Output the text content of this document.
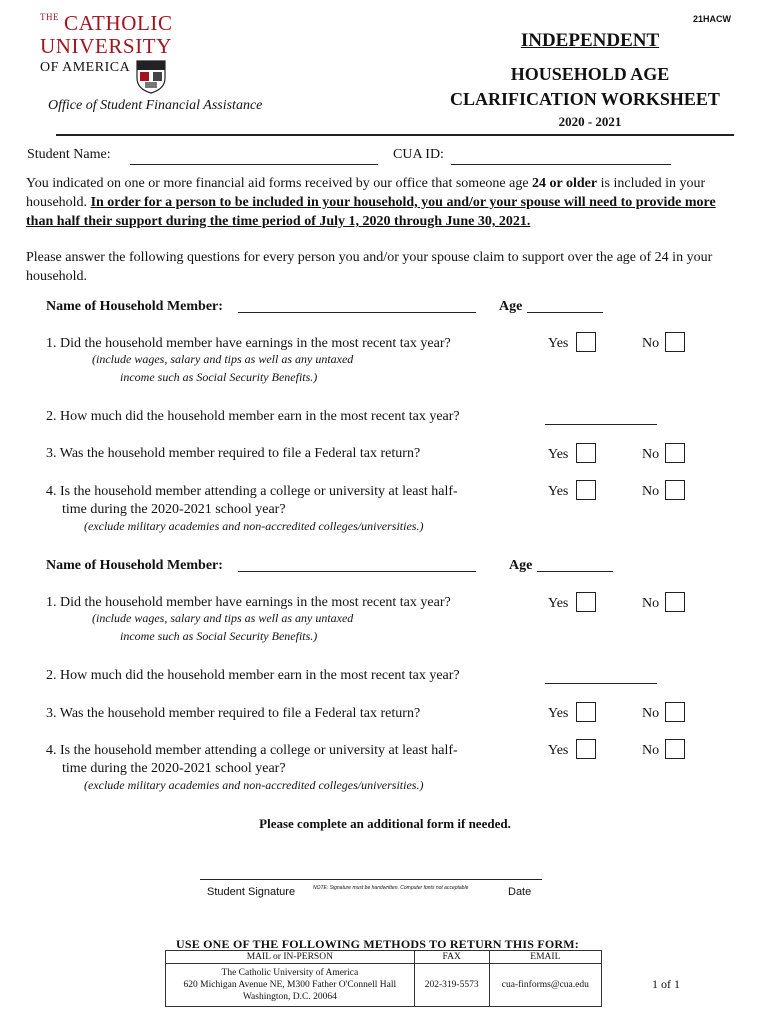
21HACW
THE CATHOLIC
UNIVERSITY
OF AMERICA
Office of Student Financial Assistance
INDEPENDENT
HOUSEHOLD AGE
CLARIFICATION WORKSHEET
2020 - 2021
Student Name:	CUA ID:
You indicated on one or more financial aid forms received by our office that someone age 24 or older is included in your household. In order for a person to be included in your household, you and/or your spouse will need to provide more than half their support during the time period of July 1, 2020 through June 30, 2021.
Please answer the following questions for every person you and/or your spouse claim to support over the age of 24 in your household.
Name of Household Member:	Age
1. Did the household member have earnings in the most recent tax year?
(include wages, salary and tips as well as any untaxed
income such as Social Security Benefits.)
Yes	No
2. How much did the household member earn in the most recent tax year?
3. Was the household member required to file a Federal tax return?	Yes	No
4. Is the household member attending a college or university at least half-
time during the 2020-2021 school year?
(exclude military academies and non-accredited colleges/universities.)
Yes	No
Name of Household Member:	Age
1. Did the household member have earnings in the most recent tax year?
(include wages, salary and tips as well as any untaxed
income such as Social Security Benefits.)
Yes	No
2. How much did the household member earn in the most recent tax year?
3. Was the household member required to file a Federal tax return?	Yes	No
4. Is the household member attending a college or university at least half-
time during the 2020-2021 school year?
(exclude military academies and non-accredited colleges/universities.)
Yes	No
Please complete an additional form if needed.
Student Signature	NOTE: Signature must be handwritten. Computer fonts not acceptable	Date
USE ONE OF THE FOLLOWING METHODS TO RETURN THIS FORM:
MAIL or IN-PERSON	FAX	EMAIL

The Catholic University of America
620 Michigan Avenue NE, M300 Father O'Connell Hall
Washington, D.C. 20064	202-319-5573	cua-finforms@cua.edu	1 of 1
